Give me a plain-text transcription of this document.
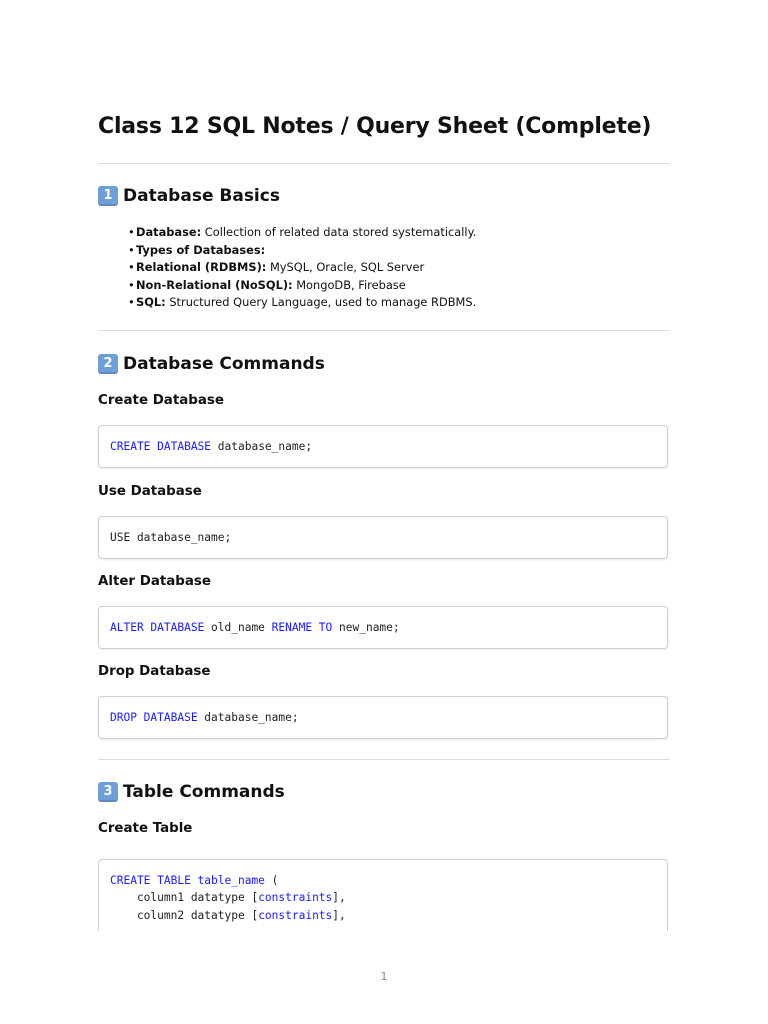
Class 12 SQL Notes / Query Sheet (Complete)
1 Database Basics
•Database: Collection of related data stored systematically.
•Types of Databases:
•Relational (RDBMS): MySQL, Oracle, SQL Server
•Non-Relational (NoSQL): MongoDB, Firebase
•SQL: Structured Query Language, used to manage RDBMS.
2 Database Commands
Create Database
CREATE DATABASE database_name;
Use Database
USE database_name;
Alter Database
ALTER DATABASE old_name RENAME TO new_name;
Drop Database
DROP DATABASE database_name;
3 Table Commands
Create Table
CREATE TABLE table_name (
column1 datatype [constraints],
column2 datatype [constraints],
1
